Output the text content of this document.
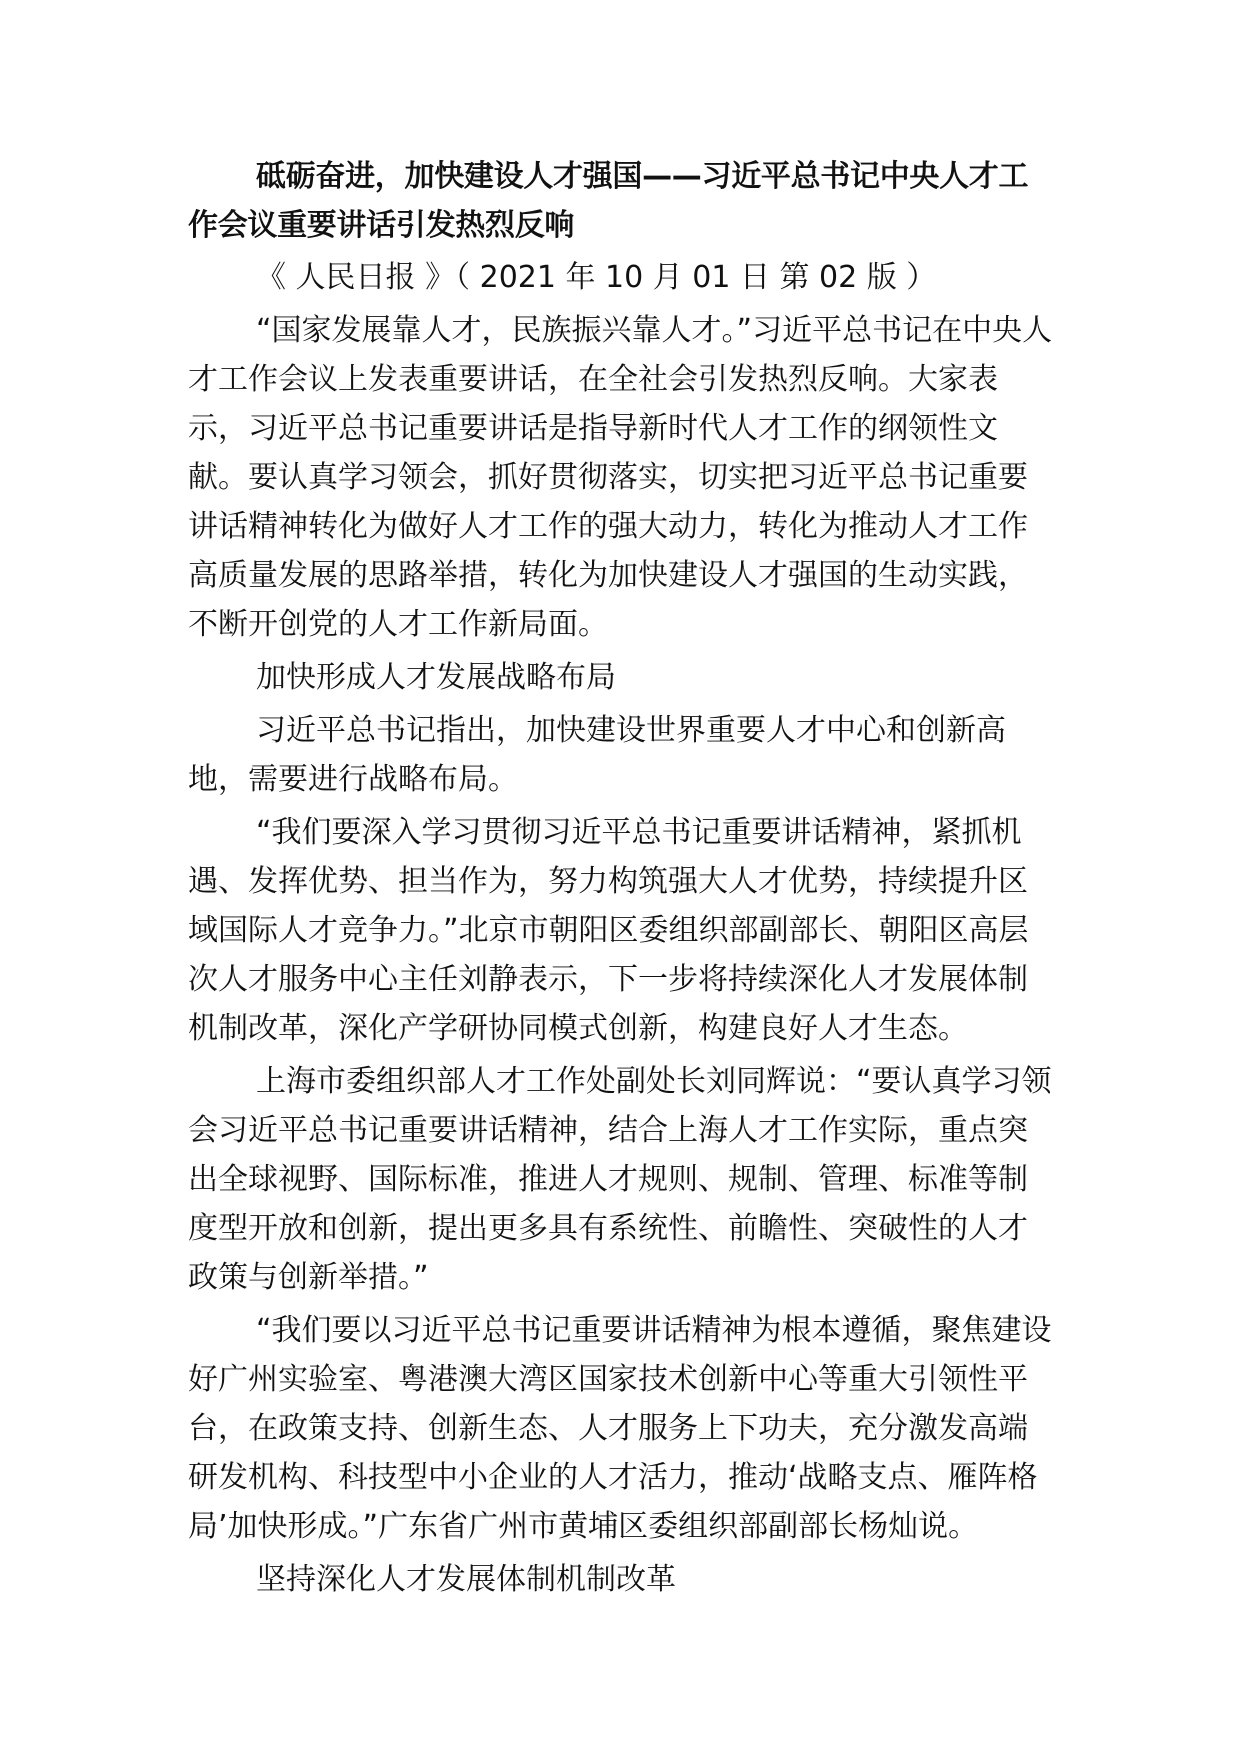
砥砺奋进，加快建设人才强国——习近平总书记中央人才工作会议重要讲话引发热烈反响
《 人民日报 》（ 2021 年 10 月 01 日 第 02 版 ）
“国家发展靠人才，民族振兴靠人才。”习近平总书记在中央人才工作会议上发表重要讲话，在全社会引发热烈反响。大家表示，习近平总书记重要讲话是指导新时代人才工作的纲领性文献。要认真学习领会，抓好贯彻落实，切实把习近平总书记重要讲话精神转化为做好人才工作的强大动力，转化为推动人才工作高质量发展的思路举措，转化为加快建设人才强国的生动实践，不断开创党的人才工作新局面。
加快形成人才发展战略布局
习近平总书记指出，加快建设世界重要人才中心和创新高地，需要进行战略布局。
“我们要深入学习贯彻习近平总书记重要讲话精神，紧抓机遇、发挥优势、担当作为，努力构筑强大人才优势，持续提升区域国际人才竞争力。”北京市朝阳区委组织部副部长、朝阳区高层次人才服务中心主任刘静表示，下一步将持续深化人才发展体制机制改革，深化产学研协同模式创新，构建良好人才生态。
上海市委组织部人才工作处副处长刘同辉说：“要认真学习领会习近平总书记重要讲话精神，结合上海人才工作实际，重点突出全球视野、国际标准，推进人才规则、规制、管理、标准等制度型开放和创新，提出更多具有系统性、前瞻性、突破性的人才政策与创新举措。”
“我们要以习近平总书记重要讲话精神为根本遵循，聚焦建设好广州实验室、粤港澳大湾区国家技术创新中心等重大引领性平台，在政策支持、创新生态、人才服务上下功夫，充分激发高端研发机构、科技型中小企业的人才活力，推动‘战略支点、雁阵格局’加快形成。”广东省广州市黄埔区委组织部副部长杨灿说。
坚持深化人才发展体制机制改革
